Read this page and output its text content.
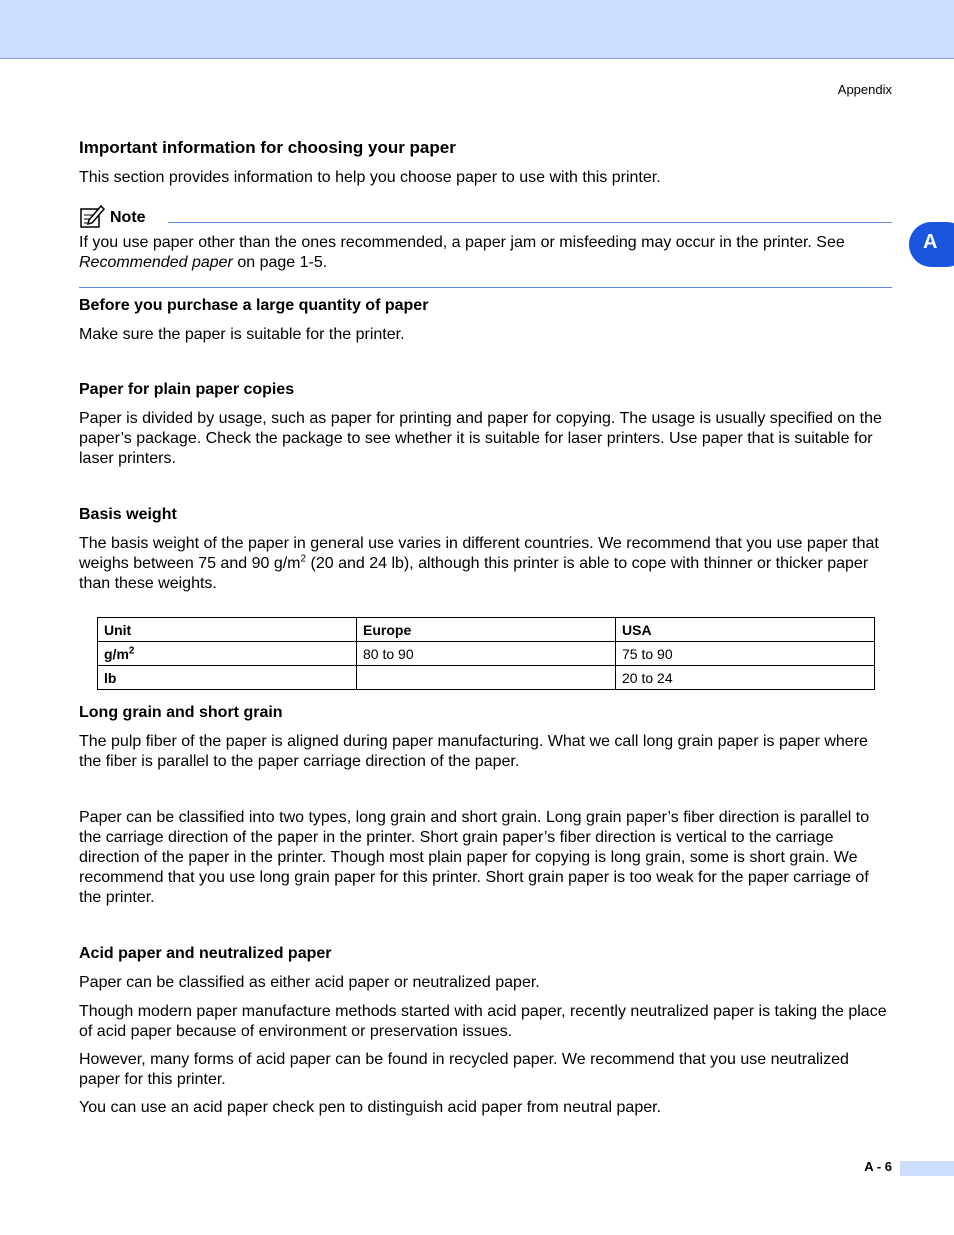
Appendix
A
Important information for choosing your paper

This section provides information to help you choose paper to use with this printer.

Note

If you use paper other than the ones recommended, a paper jam or misfeeding may occur in the printer. See Recommended paper on page 1-5.

Before you purchase a large quantity of paper

Make sure the paper is suitable for the printer.

Paper for plain paper copies

Paper is divided by usage, such as paper for printing and paper for copying. The usage is usually specified on the paper’s package. Check the package to see whether it is suitable for laser printers. Use paper that is suitable for laser printers.

Basis weight

The basis weight of the paper in general use varies in different countries. We recommend that you use paper that weighs between 75 and 90 $g/m^2$ (20 and 24 lb), although this printer is able to cope with thinner or thicker paper than these weights.

Unit	Europe	USA
$g/m^2$	80 to 90	75 to 90
lb		20 to 24
Long grain and short grain

The pulp fiber of the paper is aligned during paper manufacturing. What we call long grain paper is paper where the fiber is parallel to the paper carriage direction of the paper.

Paper can be classified into two types, long grain and short grain. Long grain paper’s fiber direction is parallel to the carriage direction of the paper in the printer. Short grain paper’s fiber direction is vertical to the carriage direction of the paper in the printer. Though most plain paper for copying is long grain, some is short grain. We recommend that you use long grain paper for this printer. Short grain paper is too weak for the paper carriage of the printer.

Acid paper and neutralized paper

Paper can be classified as either acid paper or neutralized paper.

Though modern paper manufacture methods started with acid paper, recently neutralized paper is taking the place of acid paper because of environment or preservation issues.

However, many forms of acid paper can be found in recycled paper. We recommend that you use neutralized paper for this printer.

You can use an acid paper check pen to distinguish acid paper from neutral paper.

A - 6
